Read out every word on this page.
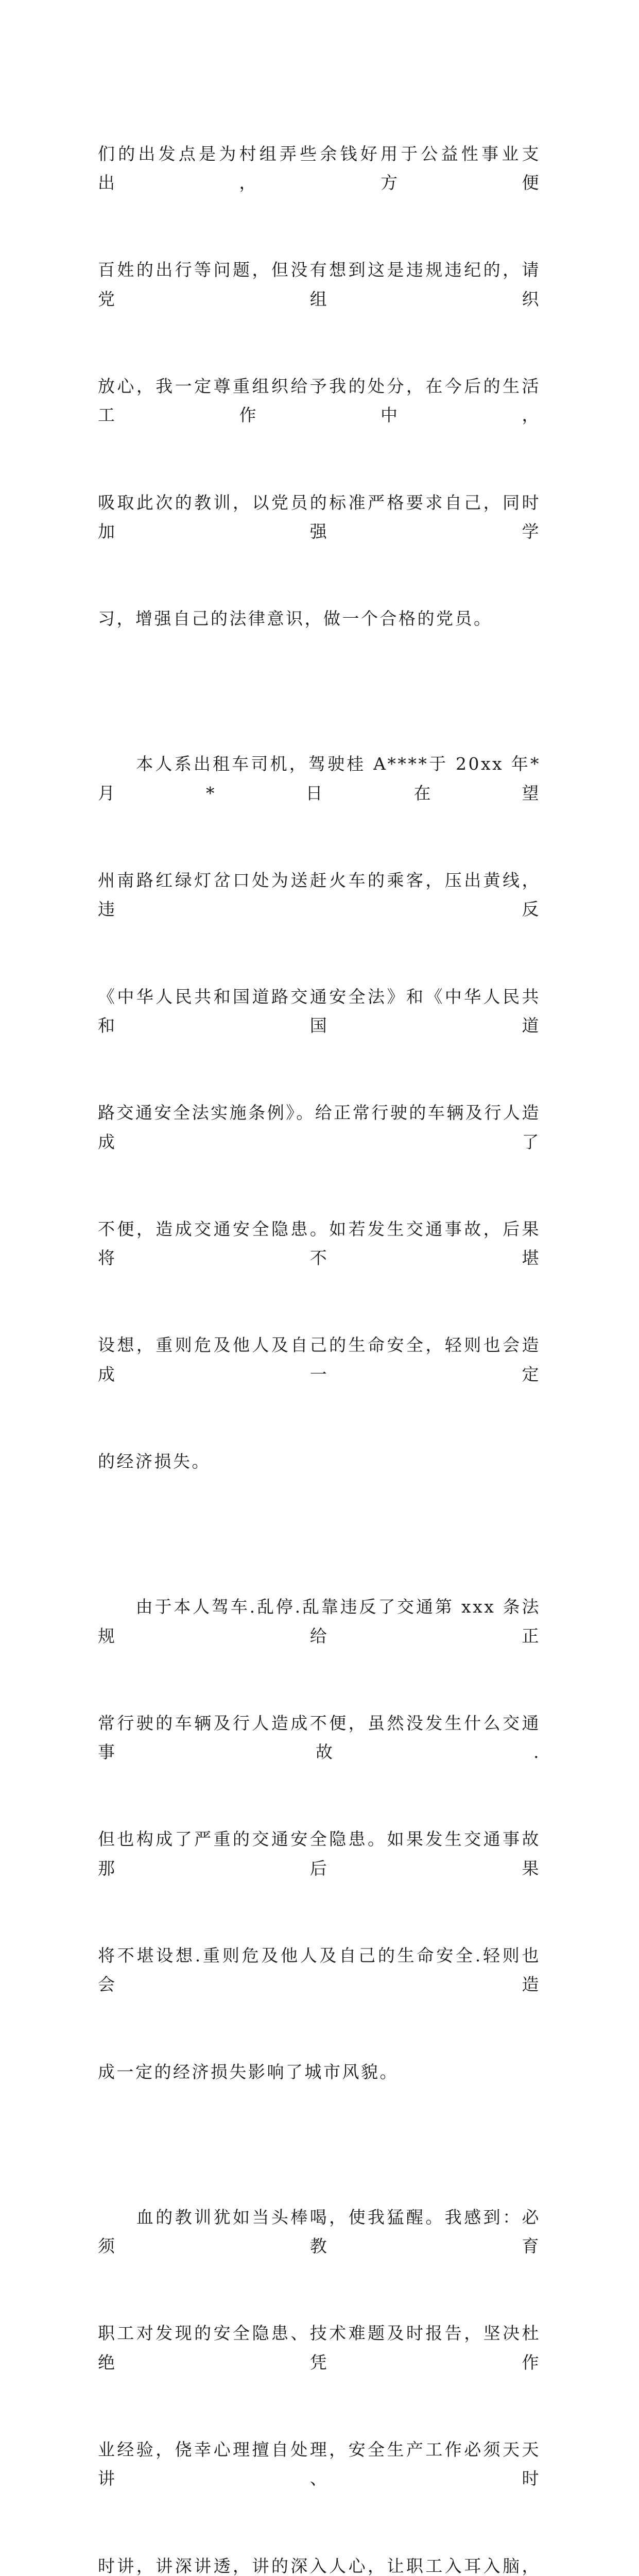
们的出发点是为村组弄些余钱好用于公益性事业支出，方便

百姓的出行等问题，但没有想到这是违规违纪的，请党组织

放心，我一定尊重组织给予我的处分，在今后的生活工作中，

吸取此次的教训，以党员的标准严格要求自己，同时加强学

习，增强自己的法律意识，做一个合格的党员。

　　本人系出租车司机，驾驶桂 A****于 20xx 年*月*日在望

州南路红绿灯岔口处为送赶火车的乘客，压出黄线，违反

《中华人民共和国道路交通安全法》和《中华人民共和国道

路交通安全法实施条例》。给正常行驶的车辆及行人造成了

不便，造成交通安全隐患。如若发生交通事故，后果将不堪

设想，重则危及他人及自己的生命安全，轻则也会造成一定

的经济损失。

　　由于本人驾车.乱停.乱靠违反了交通第 xxx 条法规给正

常行驶的车辆及行人造成不便，虽然没发生什么交通事故.

但也构成了严重的交通安全隐患。如果发生交通事故那后果

将不堪设想.重则危及他人及自己的生命安全.轻则也会造

成一定的经济损失影响了城市风貌。

　　血的教训犹如当头棒喝，使我猛醒。我感到：必须教育

职工对发现的安全隐患、技术难题及时报告，坚决杜绝凭作

业经验，侥幸心理擅自处理，安全生产工作必须天天讲、时

时讲，讲深讲透，讲的深入人心，让职工入耳入脑，
